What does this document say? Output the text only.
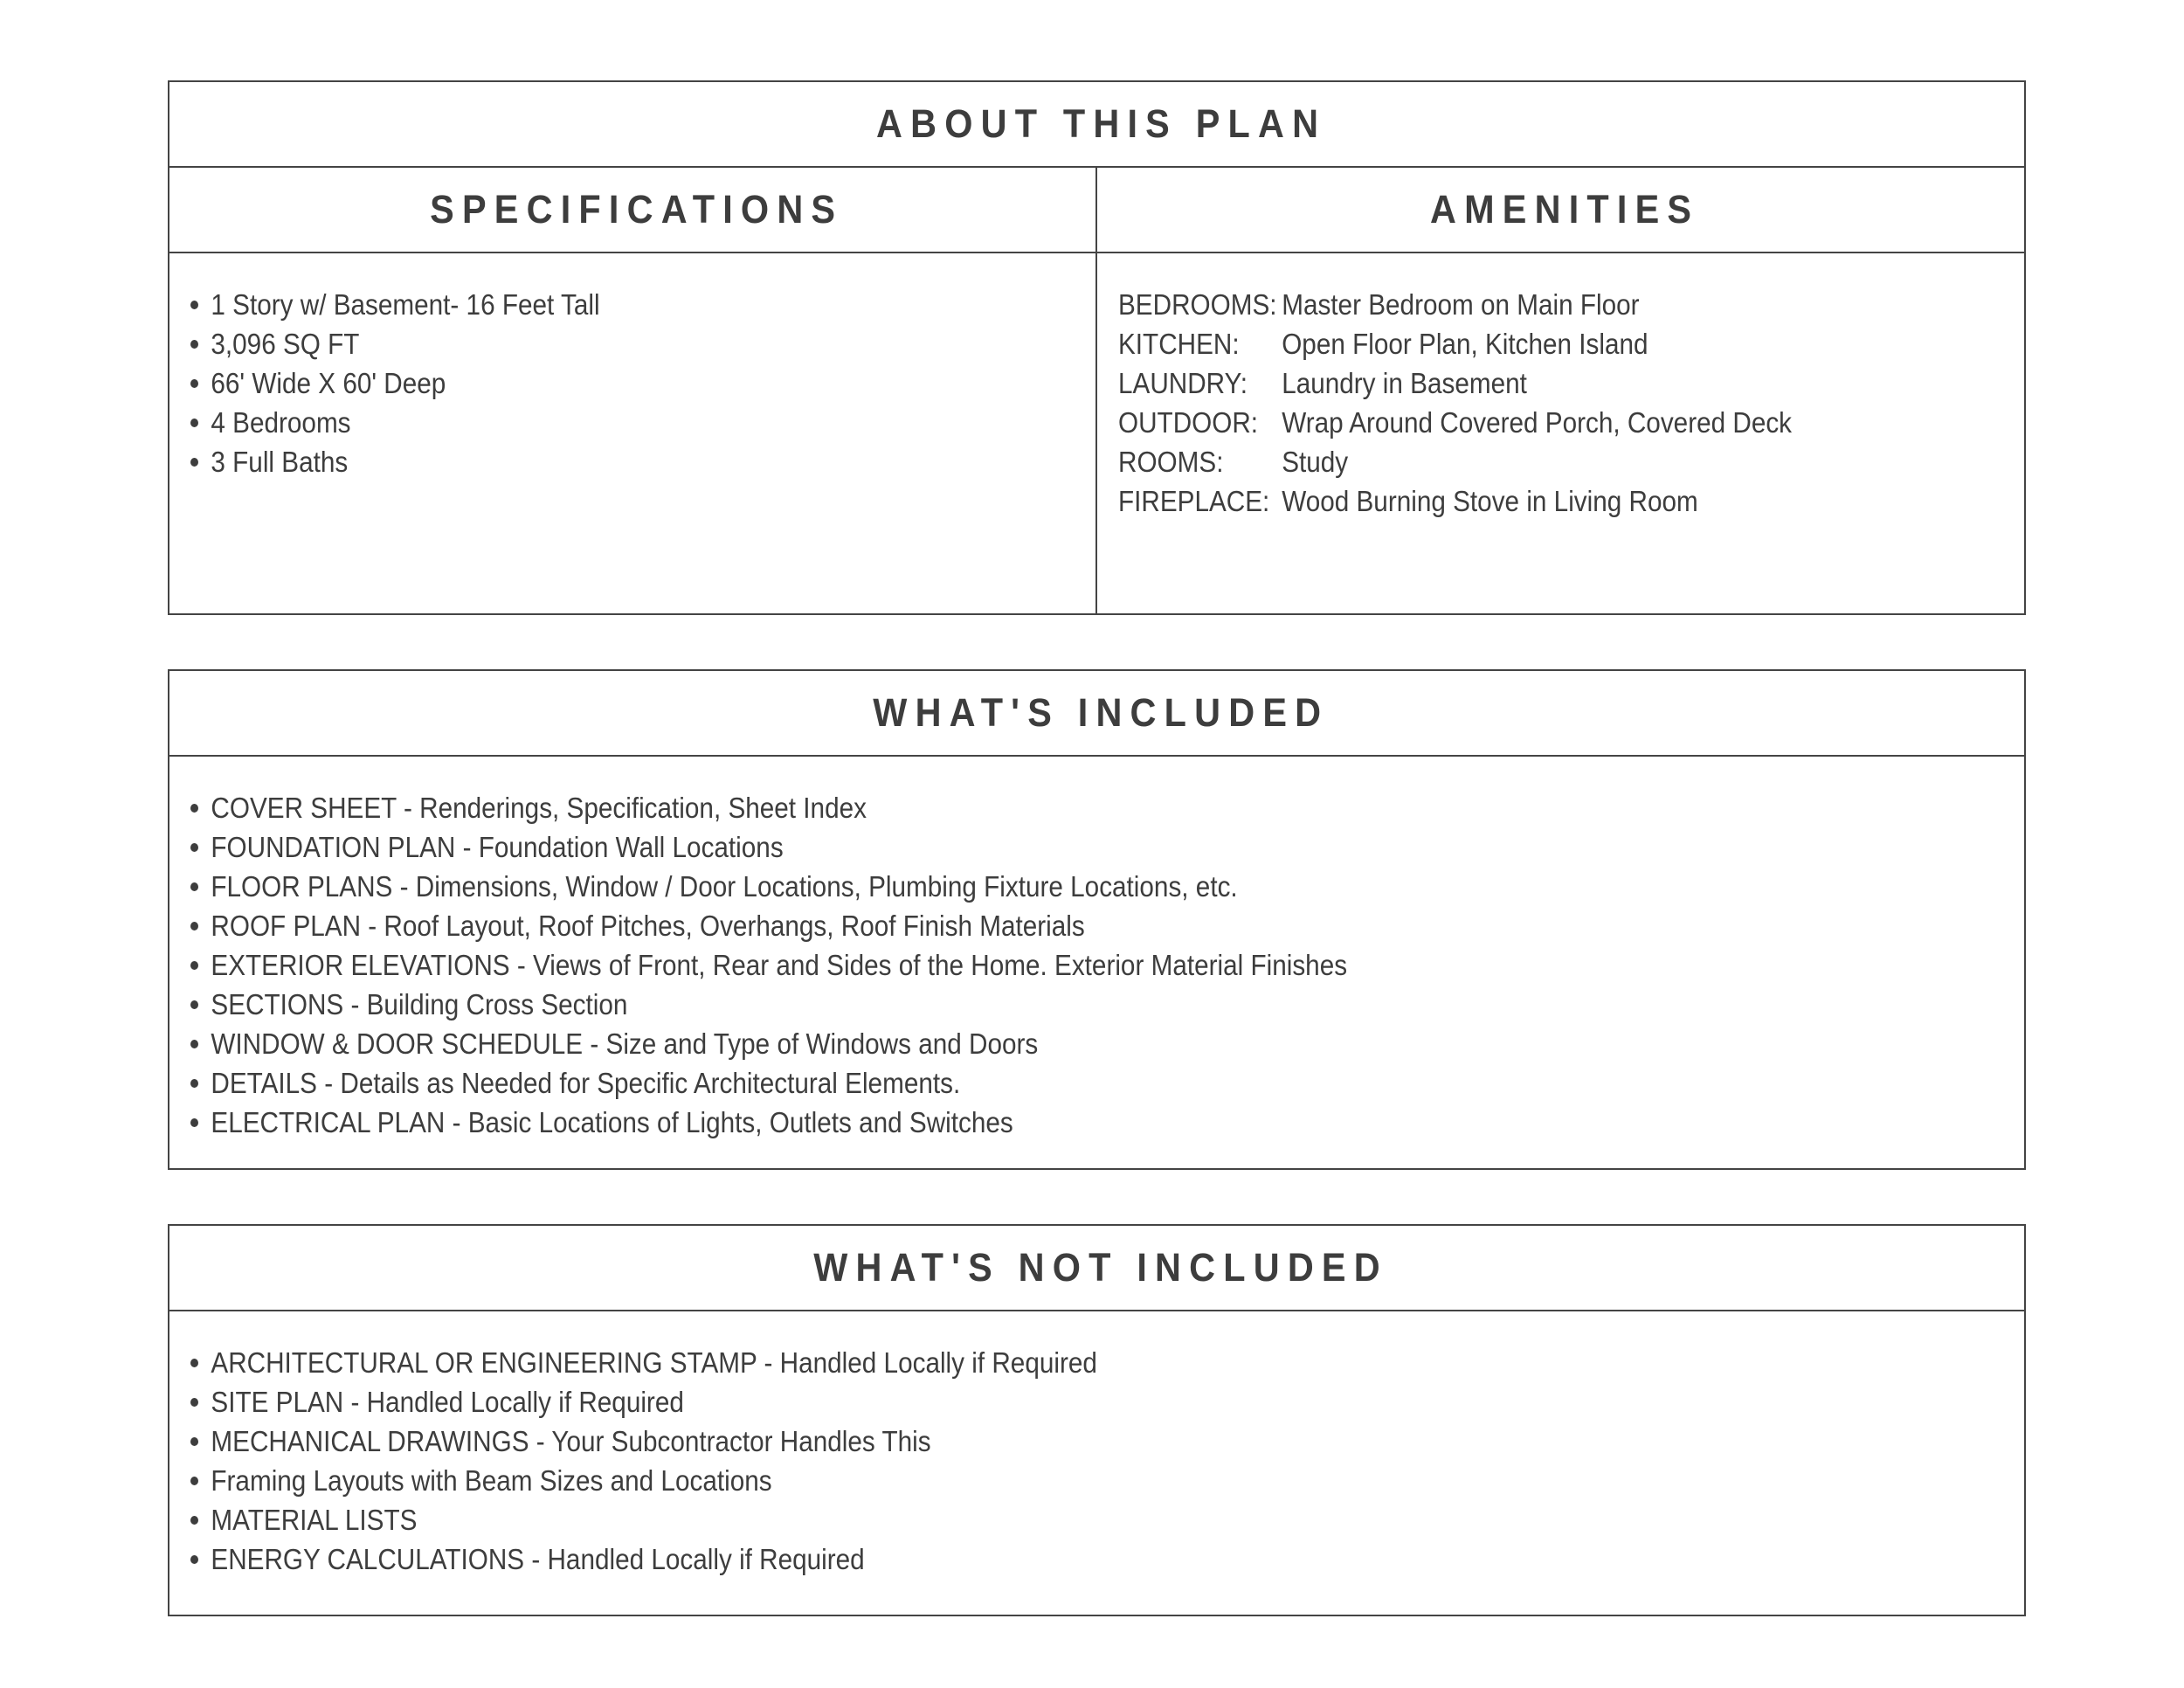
ABOUT THIS PLAN
SPECIFICATIONS
1 Story w/ Basement- 16 Feet Tall
3,096 SQ FT
66' Wide X 60' Deep
4 Bedrooms
3 Full Baths
AMENITIES
BEDROOMS: Master Bedroom on Main Floor
KITCHEN:	Open Floor Plan, Kitchen Island
LAUNDRY:	Laundry in Basement
OUTDOOR: Wrap Around Covered Porch, Covered Deck
ROOMS:	Study
FIREPLACE: Wood Burning Stove in Living Room
WHAT'S INCLUDED
COVER SHEET - Renderings, Specification, Sheet Index
FOUNDATION PLAN - Foundation Wall Locations
FLOOR PLANS - Dimensions, Window / Door Locations, Plumbing Fixture Locations, etc.
ROOF PLAN - Roof Layout, Roof Pitches, Overhangs, Roof Finish Materials
EXTERIOR ELEVATIONS - Views of Front, Rear and Sides of the Home. Exterior Material Finishes
SECTIONS - Building Cross Section
WINDOW & DOOR SCHEDULE - Size and Type of Windows and Doors
DETAILS - Details as Needed for Specific Architectural Elements.
ELECTRICAL PLAN - Basic Locations of Lights, Outlets and Switches
WHAT'S NOT INCLUDED
ARCHITECTURAL OR ENGINEERING STAMP - Handled Locally if Required
SITE PLAN - Handled Locally if Required
MECHANICAL DRAWINGS - Your Subcontractor Handles This
Framing Layouts with Beam Sizes and Locations
MATERIAL LISTS
ENERGY CALCULATIONS - Handled Locally if Required
